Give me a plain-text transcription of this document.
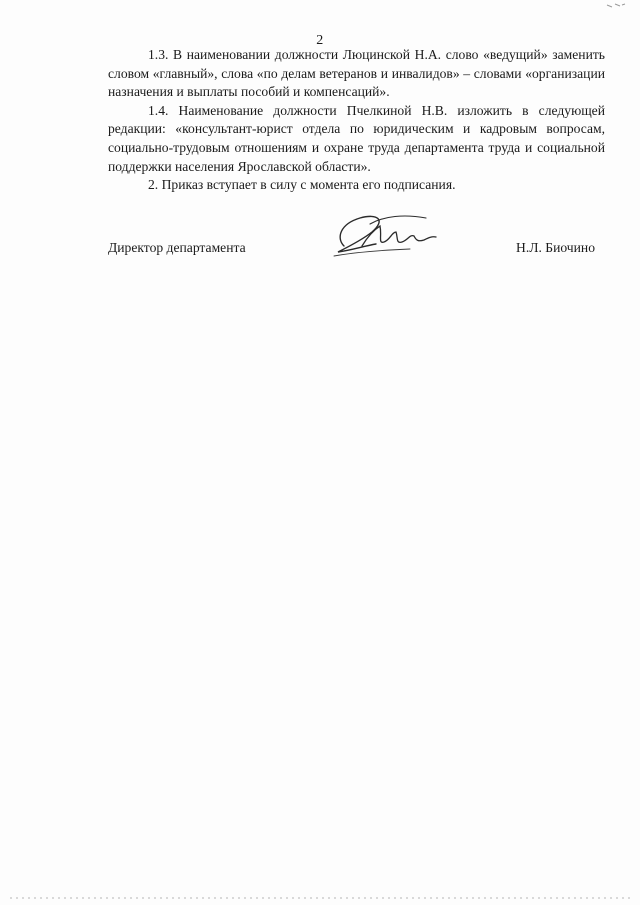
2

1.3. В наименовании должности Люцинской Н.А. слово «ведущий» заменить словом «главный», слова «по делам ветеранов и инвалидов» – словами «организации назначения и выплаты пособий и компенсаций».

1.4. Наименование должности Пчелкиной Н.В. изложить в следующей редакции: «консультант-юрист отдела по юридическим и кадровым вопросам, социально-трудовым отношениям и охране труда департамента труда и социальной поддержки населения Ярославской области».

2. Приказ вступает в силу с момента его подписания.

Директор департамента	Н.Л. Биочино
